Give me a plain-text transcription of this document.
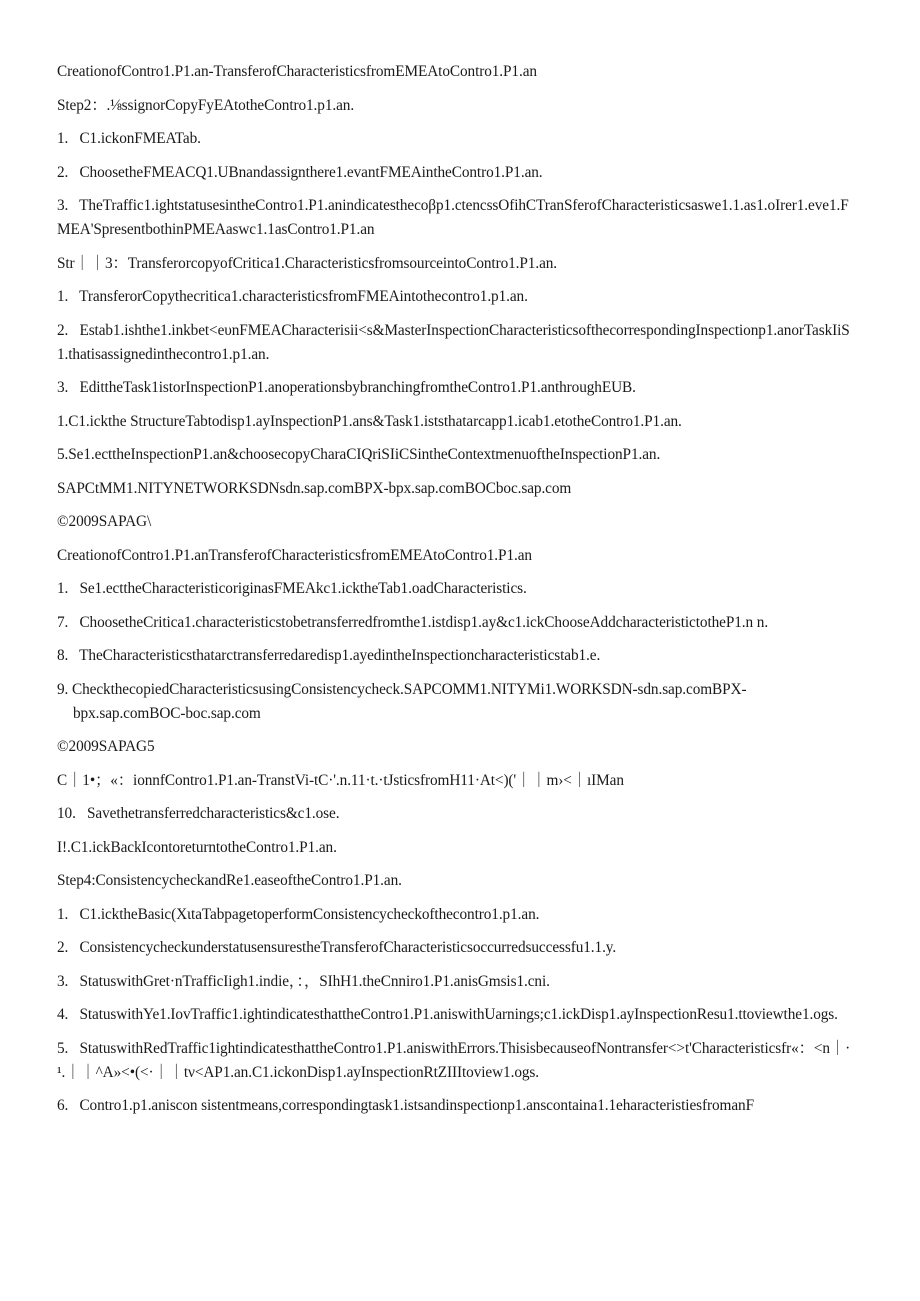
CreationofContro1.P1.an-TransferofCharacteristicsfromEMEAtoContro1.P1.an

Step2：.⅛ssignorCopyFyEAtotheContro1.p1.an.

1.   C1.ickonFMEATab.

2.   ChoosetheFMEACQ1.UBnandassignthere1.evantFMEAintheContro1.P1.an.

3.   TheTraffic1.ightstatusesintheContro1.P1.anindicatesthecoβp1.ctencssOfihCTranSferofCharacteristicsaswe1.1.as1.oIrer1.eve1.FMEA'SpresentbothinPMEAaswc1.1asContro1.P1.an

Str｜｜3：TransferorcopyofCritica1.CharacteristicsfromsourceintoContro1.P1.an.

1.   TransferorCopythecritica1.characteristicsfromFMEAintothecontro1.p1.an.

2.   Estab1.ishthe1.inkbet<eυnFMEACharacterisii<s&MasterInspectionCharacteristicsofthecorrespondingInspectionp1.anorTaskIiS1.thatisassignedinthecontro1.p1.an.

3.   EdittheTask1istorInspectionP1.anoperationsbybranchingfromtheContro1.P1.anthroughEUB.

1.C1.ickthe StructureTabtodisp1.ayInspectionP1.ans&Task1.iststhatarcapp1.icab1.etotheContro1.P1.an.

5.Se1.ecttheInspectionP1.an&choosecopyCharaCIQriSIiCSintheContextmenuoftheInspectionP1.an.

SAPCtMM1.NITYNETWORKSDNsdn.sap.comBPX-bpx.sap.comBOCboc.sap.com

©2009SAPAG\

CreationofContro1.P1.anTransferofCharacteristicsfromEMEAtoContro1.P1.an

1.   Se1.ecttheCharacteristicoriginasFMEAkc1.icktheTab1.oadCharacteristics.

7.   ChoosetheCritica1.characteristicstobetransferredfromthe1.istdisp1.ay&c1.ickChooseAddcharacteristictotheP1.n n.

8.   TheCharacteristicsthatarctransferredaredisp1.ayedintheInspectioncharacteristicstab1.e.

9. CheckthecopiedCharacteristicsusingConsistencycheck.SAPCOMM1.NITYMi1.WORKSDN-sdn.sap.comBPX-

bpx.sap.comBOC-boc.sap.com

©2009SAPAG5

C｜1•；«：ionnfContro1.P1.an-TranstVi-tC·'.n.11·t.·tJsticsfromH11·At<)('｜｜m›<｜ıIMan

10.   Savethetransferredcharacteristics&c1.ose.

I!.C1.ickBackIcontoreturntotheContro1.P1.an.

Step4:ConsistencycheckandRe1.easeoftheContro1.P1.an.

1.   C1.icktheBasic(XιtaTabpagetoperformConsistencycheckofthecontro1.p1.an.

2.   ConsistencycheckunderstatusensurestheTransferofCharacteristicsoccurredsuccessfu1.1.y.

3.   StatuswithGret·nTrafficIigh1.indie，：，SIhH1.theCnniro1.P1.anisGmsis1.cni.

4.   StatuswithYe1.IovTraffic1.ightindicatesthattheContro1.P1.aniswithUarnings;c1.ickDisp1.ayInspectionResu1.ttoviewthe1.ogs.

5.   StatuswithRedTraffic1ightindicatesthattheContro1.P1.aniswithErrors.ThisisbecauseofNontransfer<>t'Characteristicsfr«：<n｜·¹.｜｜^A»<•(<·｜｜tν<AP1.an.C1.ickonDisp1.ayInspectionRtZIIItoview1.ogs.

6.   Contro1.p1.aniscon sistentmeans,correspondingtask1.istsandinspectionp1.anscontaina1.1eharacteristiesfromanF
